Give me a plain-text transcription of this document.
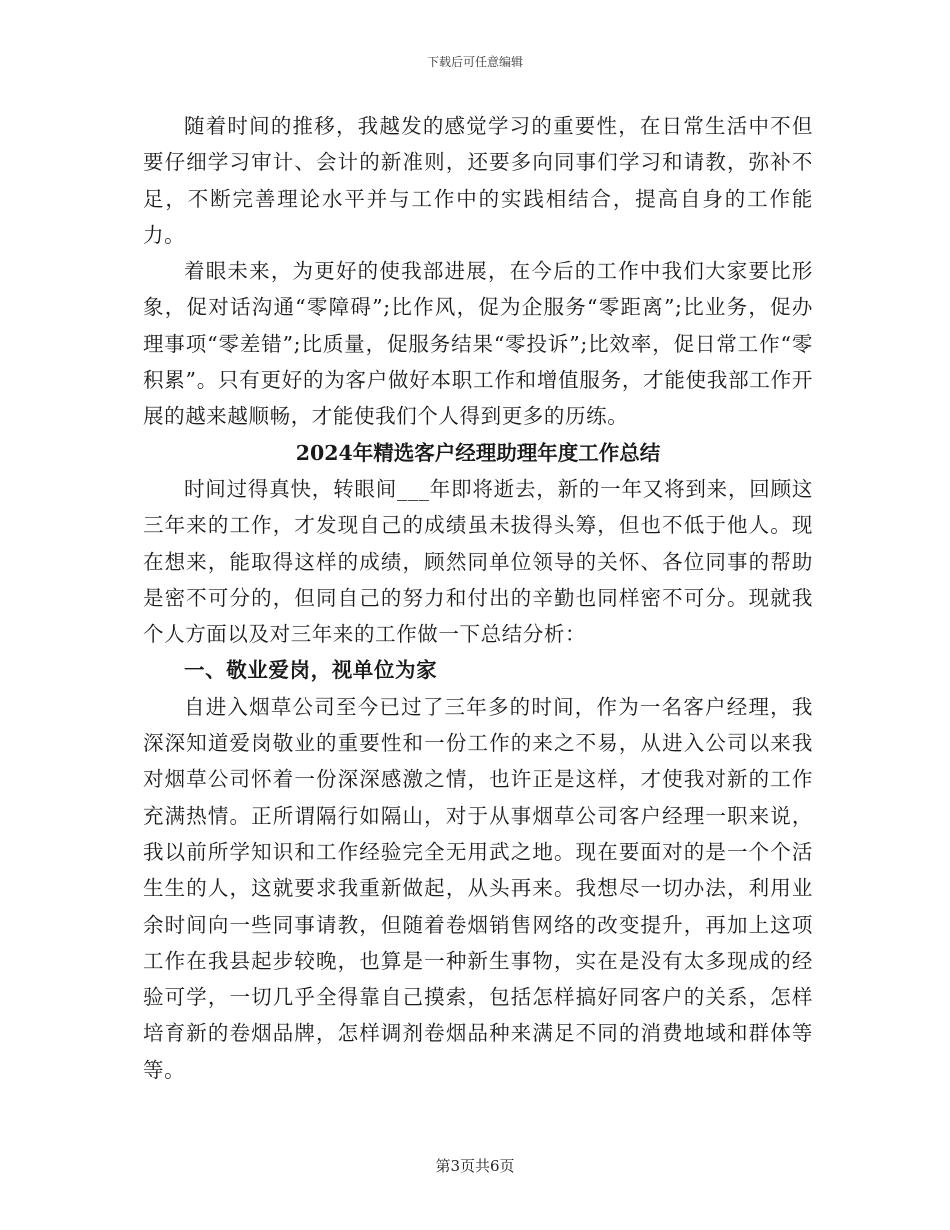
下载后可任意编辑

随着时间的推移，我越发的感觉学习的重要性，在日常生活中不但要仔细学习审计、会计的新准则，还要多向同事们学习和请教，弥补不足，不断完善理论水平并与工作中的实践相结合，提高自身的工作能力。

着眼未来，为更好的使我部进展，在今后的工作中我们大家要比形象，促对话沟通“零障碍”;比作风，促为企服务“零距离”;比业务，促办理事项“零差错”;比质量，促服务结果“零投诉”;比效率，促日常工作“零积累”。只有更好的为客户做好本职工作和增值服务，才能使我部工作开展的越来越顺畅，才能使我们个人得到更多的历练。

2024年精选客户经理助理年度工作总结

时间过得真快，转眼间___年即将逝去，新的一年又将到来，回顾这三年来的工作，才发现自己的成绩虽未拔得头筹，但也不低于他人。现在想来，能取得这样的成绩，顾然同单位领导的关怀、各位同事的帮助是密不可分的，但同自己的努力和付出的辛勤也同样密不可分。现就我个人方面以及对三年来的工作做一下总结分析：

一、敬业爱岗，视单位为家

自进入烟草公司至今已过了三年多的时间，作为一名客户经理，我深深知道爱岗敬业的重要性和一份工作的来之不易，从进入公司以来我对烟草公司怀着一份深深感激之情，也许正是这样，才使我对新的工作充满热情。正所谓隔行如隔山，对于从事烟草公司客户经理一职来说，我以前所学知识和工作经验完全无用武之地。现在要面对的是一个个活生生的人，这就要求我重新做起，从头再来。我想尽一切办法，利用业余时间向一些同事请教，但随着卷烟销售网络的改变提升，再加上这项工作在我县起步较晚，也算是一种新生事物，实在是没有太多现成的经验可学，一切几乎全得靠自己摸索，包括怎样搞好同客户的关系，怎样培育新的卷烟品牌，怎样调剂卷烟品种来满足不同的消费地域和群体等等。

第3页共6页
